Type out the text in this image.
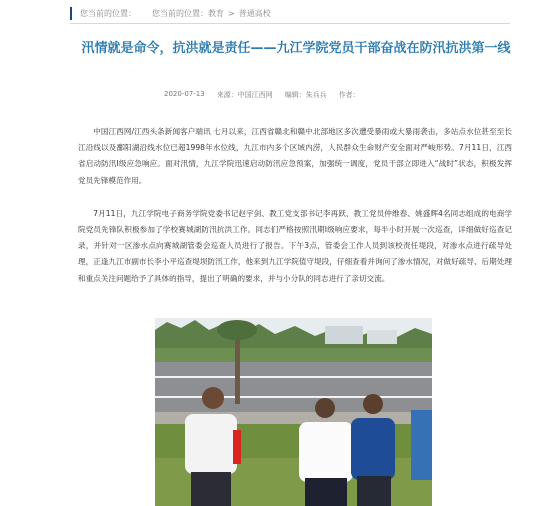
您当前的位置： 您当前的位置： 教育 > 普通高校
汛情就是命令，抗洪就是责任——九江学院党员干部奋战在防汛抗洪第一线
2020-07-13 来源：中国江西网 编辑：朱兵兵 作者：

中国江西网/江西头条新闻客户端讯 七月以来，江西省赣北和赣中北部地区多次遭受暴雨或大暴雨袭击，多站点水位甚至至长江沿线以及鄱阳湖沿线水位已超1998年水位线，九江市内多个区域内涝，人民群众生命财产安全面对严峻形势。7月11日，江西省启动防汛Ⅰ级应急响应。面对汛情，九江学院迅速启动防汛应急预案，加强统一调度，党员干部立即进入“战时”状态，积极发挥党员先锋模范作用。

7月11日，九江学院电子商务学院党委书记赵宇剑、教工党支部书记李再跃、教工党员仲维春、姚盛辉4名同志组成的电商学院党员先锋队积极参加了学校赛城湖防汛抗洪工作。同志们严格按照汛期Ⅰ级响应要求，每半小时开展一次巡查，详细做好巡查记录，并针对一区渗水点向赛城湖管委会巡查人员进行了报告。下午3点，管委会工作人员到该校责任堤段，对渗水点进行疏导处理，正逢九江市副市长李小平巡查堤坝防汛工作，他来到九江学院值守堤段，仔细查看并询问了渗水情况，对做好疏导、后期处理和重点关注问题给予了具体的指导，提出了明确的要求，并与小分队的同志进行了亲切交流。
